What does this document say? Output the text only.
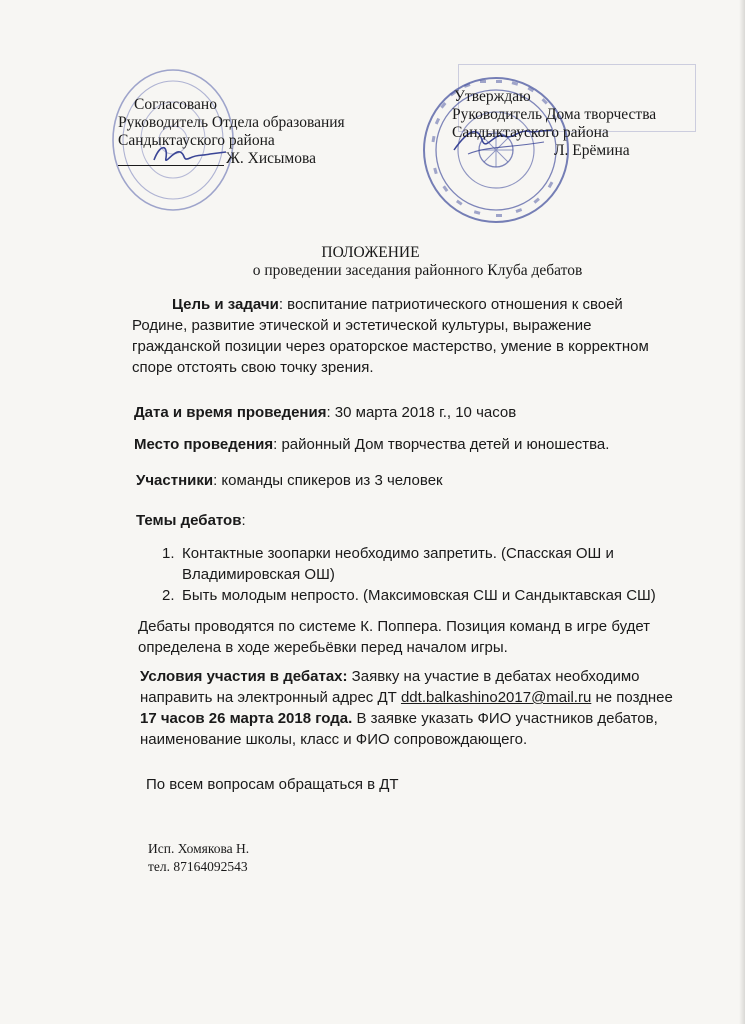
Согласовано
Руководитель Отдела образования
Сандыктауского района
Ж. Хисымова
Утверждаю
Руководитель Дома творчества
Сандыктауского района
Л. Ерёмина
ПОЛОЖЕНИЕ
о проведении заседания районного Клуба дебатов
Цель и задачи: воспитание патриотического отношения к своей
Родине, развитие этической и эстетической культуры, выражение
гражданской позиции через ораторское мастерство, умение в корректном
споре отстоять свою точку зрения.
Дата и время проведения: 30 марта 2018 г., 10 часов
Место проведения: районный Дом творчества детей и юношества.
Участники: команды спикеров из 3 человек
Темы дебатов:
1. Контактные зоопарки необходимо запретить. (Спасская ОШ и
Владимировская ОШ)
2. Быть молодым непросто. (Максимовская СШ и Сандыктавская СШ)
Дебаты проводятся по системе К. Поппера. Позиция команд в игре будет
определена в ходе жеребьёвки перед началом игры.
Условия участия в дебатах: Заявку на участие в дебатах необходимо
направить на электронный адрес ДТ ddt.balkashino2017@mail.ru не позднее
17 часов 26 марта 2018 года. В заявке указать ФИО участников дебатов,
наименование школы, класс и ФИО сопровождающего.
По всем вопросам обращаться в ДТ
Исп. Хомякова Н.
тел. 87164092543
